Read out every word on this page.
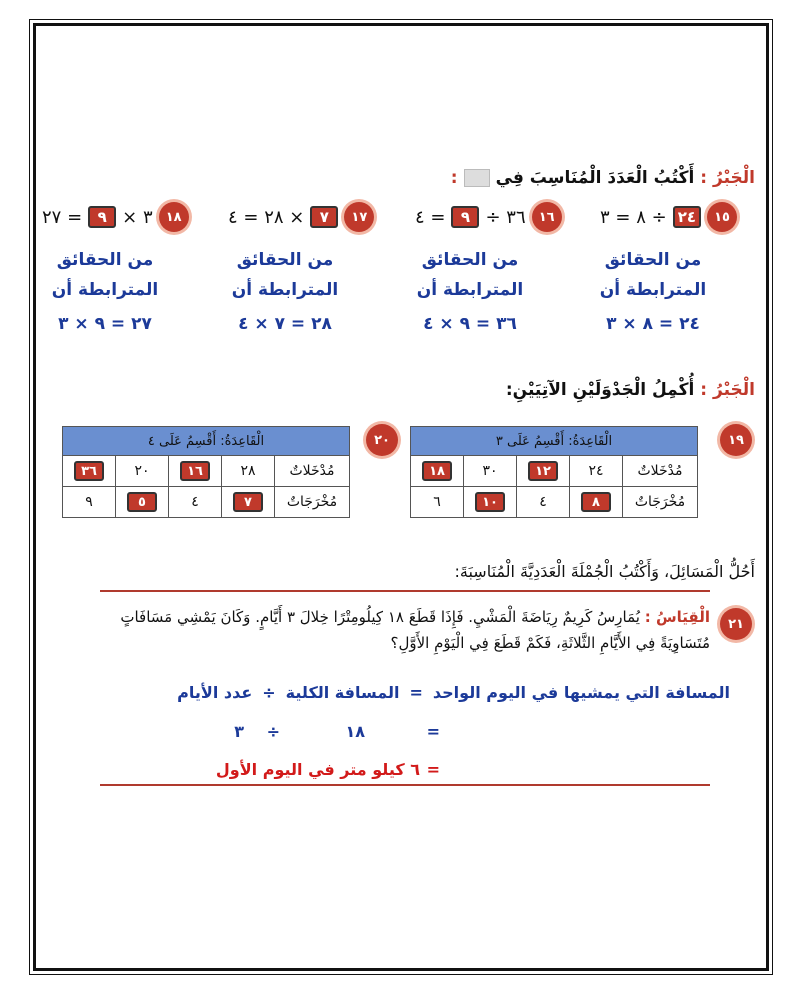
الْجَبْرُ :
أَكْتُبُ الْعَدَدَ الْمُنَاسِبَ فِي
:
٨ = ٣ ÷ ٢٤	١٥
٤ =	٩ ÷ ٣٦	١٦
٢٨ = ٤ ×	٧	١٧
٢٧ =	٩ × ٣	١٨
من الحقائق
المترابطة أن
٢٤ = ٨ × ٣
من الحقائق
المترابطة أن
٣٦ = ٩ × ٤
من الحقائق
المترابطة أن
٢٨ = ٧ × ٤
من الحقائق
المترابطة أن
٢٧ = ٩ × ٣
الْجَبْرُ :
أُكْمِلُ الْجَدْوَلَيْنِ الآتِيَيْنِ:
١٩
الْقَاعِدَةُ: أَقْسِمُ عَلَى ٣				
مُدْخَلاتٌ	٢٤	١٢	٣٠	١٨
مُخْرَجَاتٌ	٨	٤	١٠	٦
٢٠
الْقَاعِدَةُ: أَقْسِمُ عَلَى ٤				
مُدْخَلاتٌ	٢٨	١٦	٢٠	٣٦
مُخْرَجَاتٌ	٧	٤	٥	٩
أَحُلُّ الْمَسَائِلَ، وَأَكْتُبُ الْجُمْلَةَ الْعَدَدِيَّةَ الْمُنَاسِبَةَ:
٢١
الْقِيَاسُ : يُمَارِسُ كَرِيمٌ رِيَاضَةَ الْمَشْيِ. فَإِذَا قَطَعَ ١٨ كِيلُومِتْرًا خِلالَ ٣ أَيَّامٍ. وَكَانَ يَمْشِي مَسَافَاتٍ مُتَسَاوِيَةً فِي الأَيَّامِ الثَّلاثَةِ، فَكَمْ قَطَعَ فِي الْيَوْمِ الأَوَّلِ؟
المسافة التي يمشيها في اليوم الواحد
=
المسافة الكلية
÷
عدد الأيام
=
١٨
÷
٣
=
٦ كيلو متر في اليوم الأول
